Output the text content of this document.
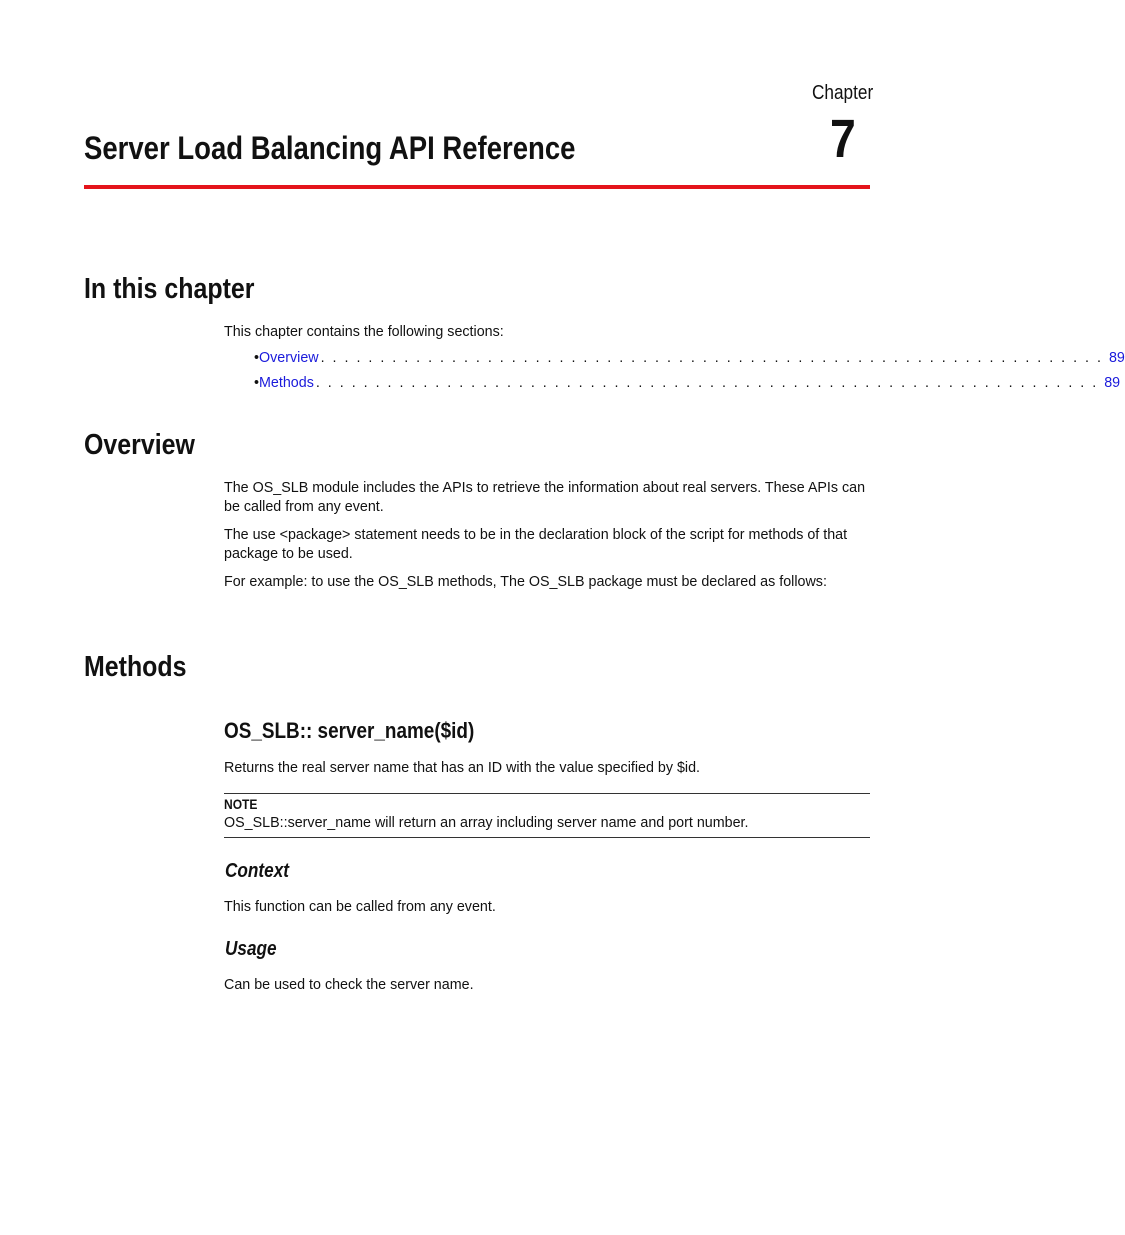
Chapter
7
Server Load Balancing API Reference
In this chapter
This chapter contains the following sections:
• Overview . . . . . . . . . . . . . . . . . . . . . . . . . . . . . . . . . . . . . . . . . . . . . . . . . . . . . . . . . . . . . . . . . . 89
• Methods . . . . . . . . . . . . . . . . . . . . . . . . . . . . . . . . . . . . . . . . . . . . . . . . . . . . . . . . . . . . . . . . . . 89
Overview
The OS_SLB module includes the APIs to retrieve the information about real servers. These APIs can be called from any event.
The use <package> statement needs to be in the declaration block of the script for methods of that package to be used.
For example: to use the OS_SLB methods, The OS_SLB package must be declared as follows:
Methods
OS_SLB:: server_name($id)
Returns the real server name that has an ID with the value specified by $id.
NOTE
OS_SLB::server_name will return an array including server name and port number.
Context
This function can be called from any event.
Usage
Can be used to check the server name.
